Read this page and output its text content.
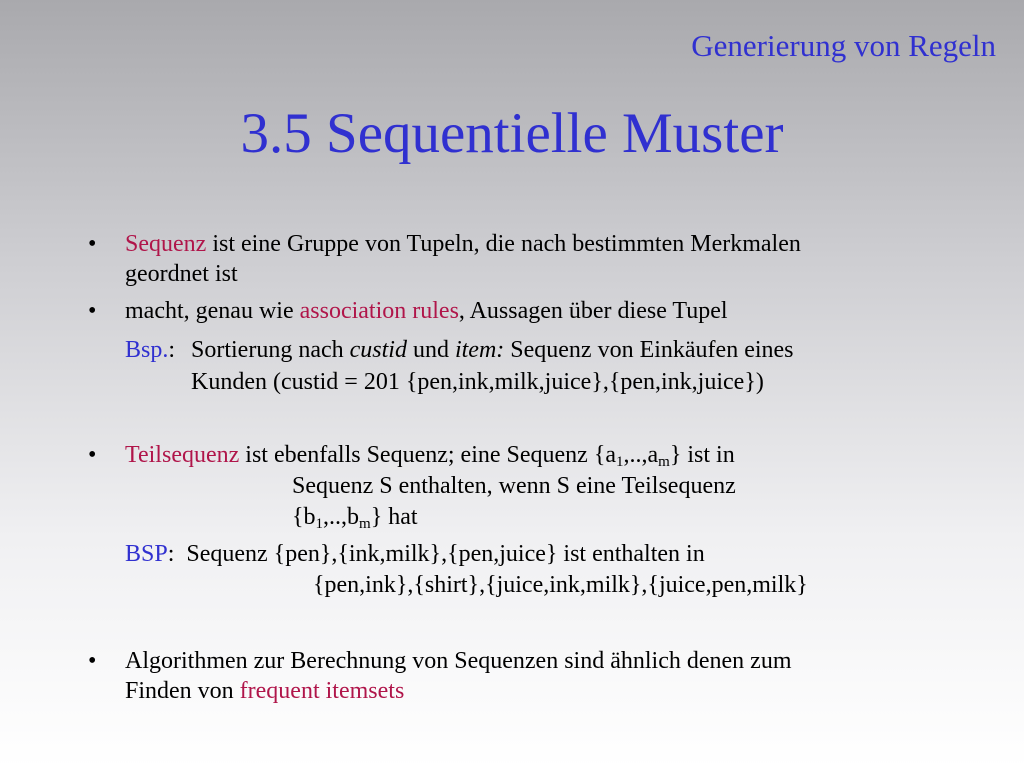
Generierung von Regeln
3.5 Sequentielle Muster
• Sequenz ist eine Gruppe von Tupeln, die nach bestimmten Merkmalen
geordnet ist
• macht, genau wie association rules, Aussagen über diese Tupel
Bsp.: Sortierung nach custid und item: Sequenz von Einkäufen eines
Kunden (custid = 201 {pen,ink,milk,juice},{pen,ink,juice})
• Teilsequenz ist ebenfalls Sequenz; eine Sequenz $\{a_1,..,a_m\}$ ist in
Sequenz S enthalten, wenn S eine Teilsequenz
$\{b_1,..,b_m\}$ hat
BSP:  Sequenz {pen},{ink,milk},{pen,juice} ist enthalten in
{pen,ink},{shirt},{juice,ink,milk},{juice,pen,milk}
• Algorithmen zur Berechnung von Sequenzen sind ähnlich denen zum
Finden von frequent itemsets
